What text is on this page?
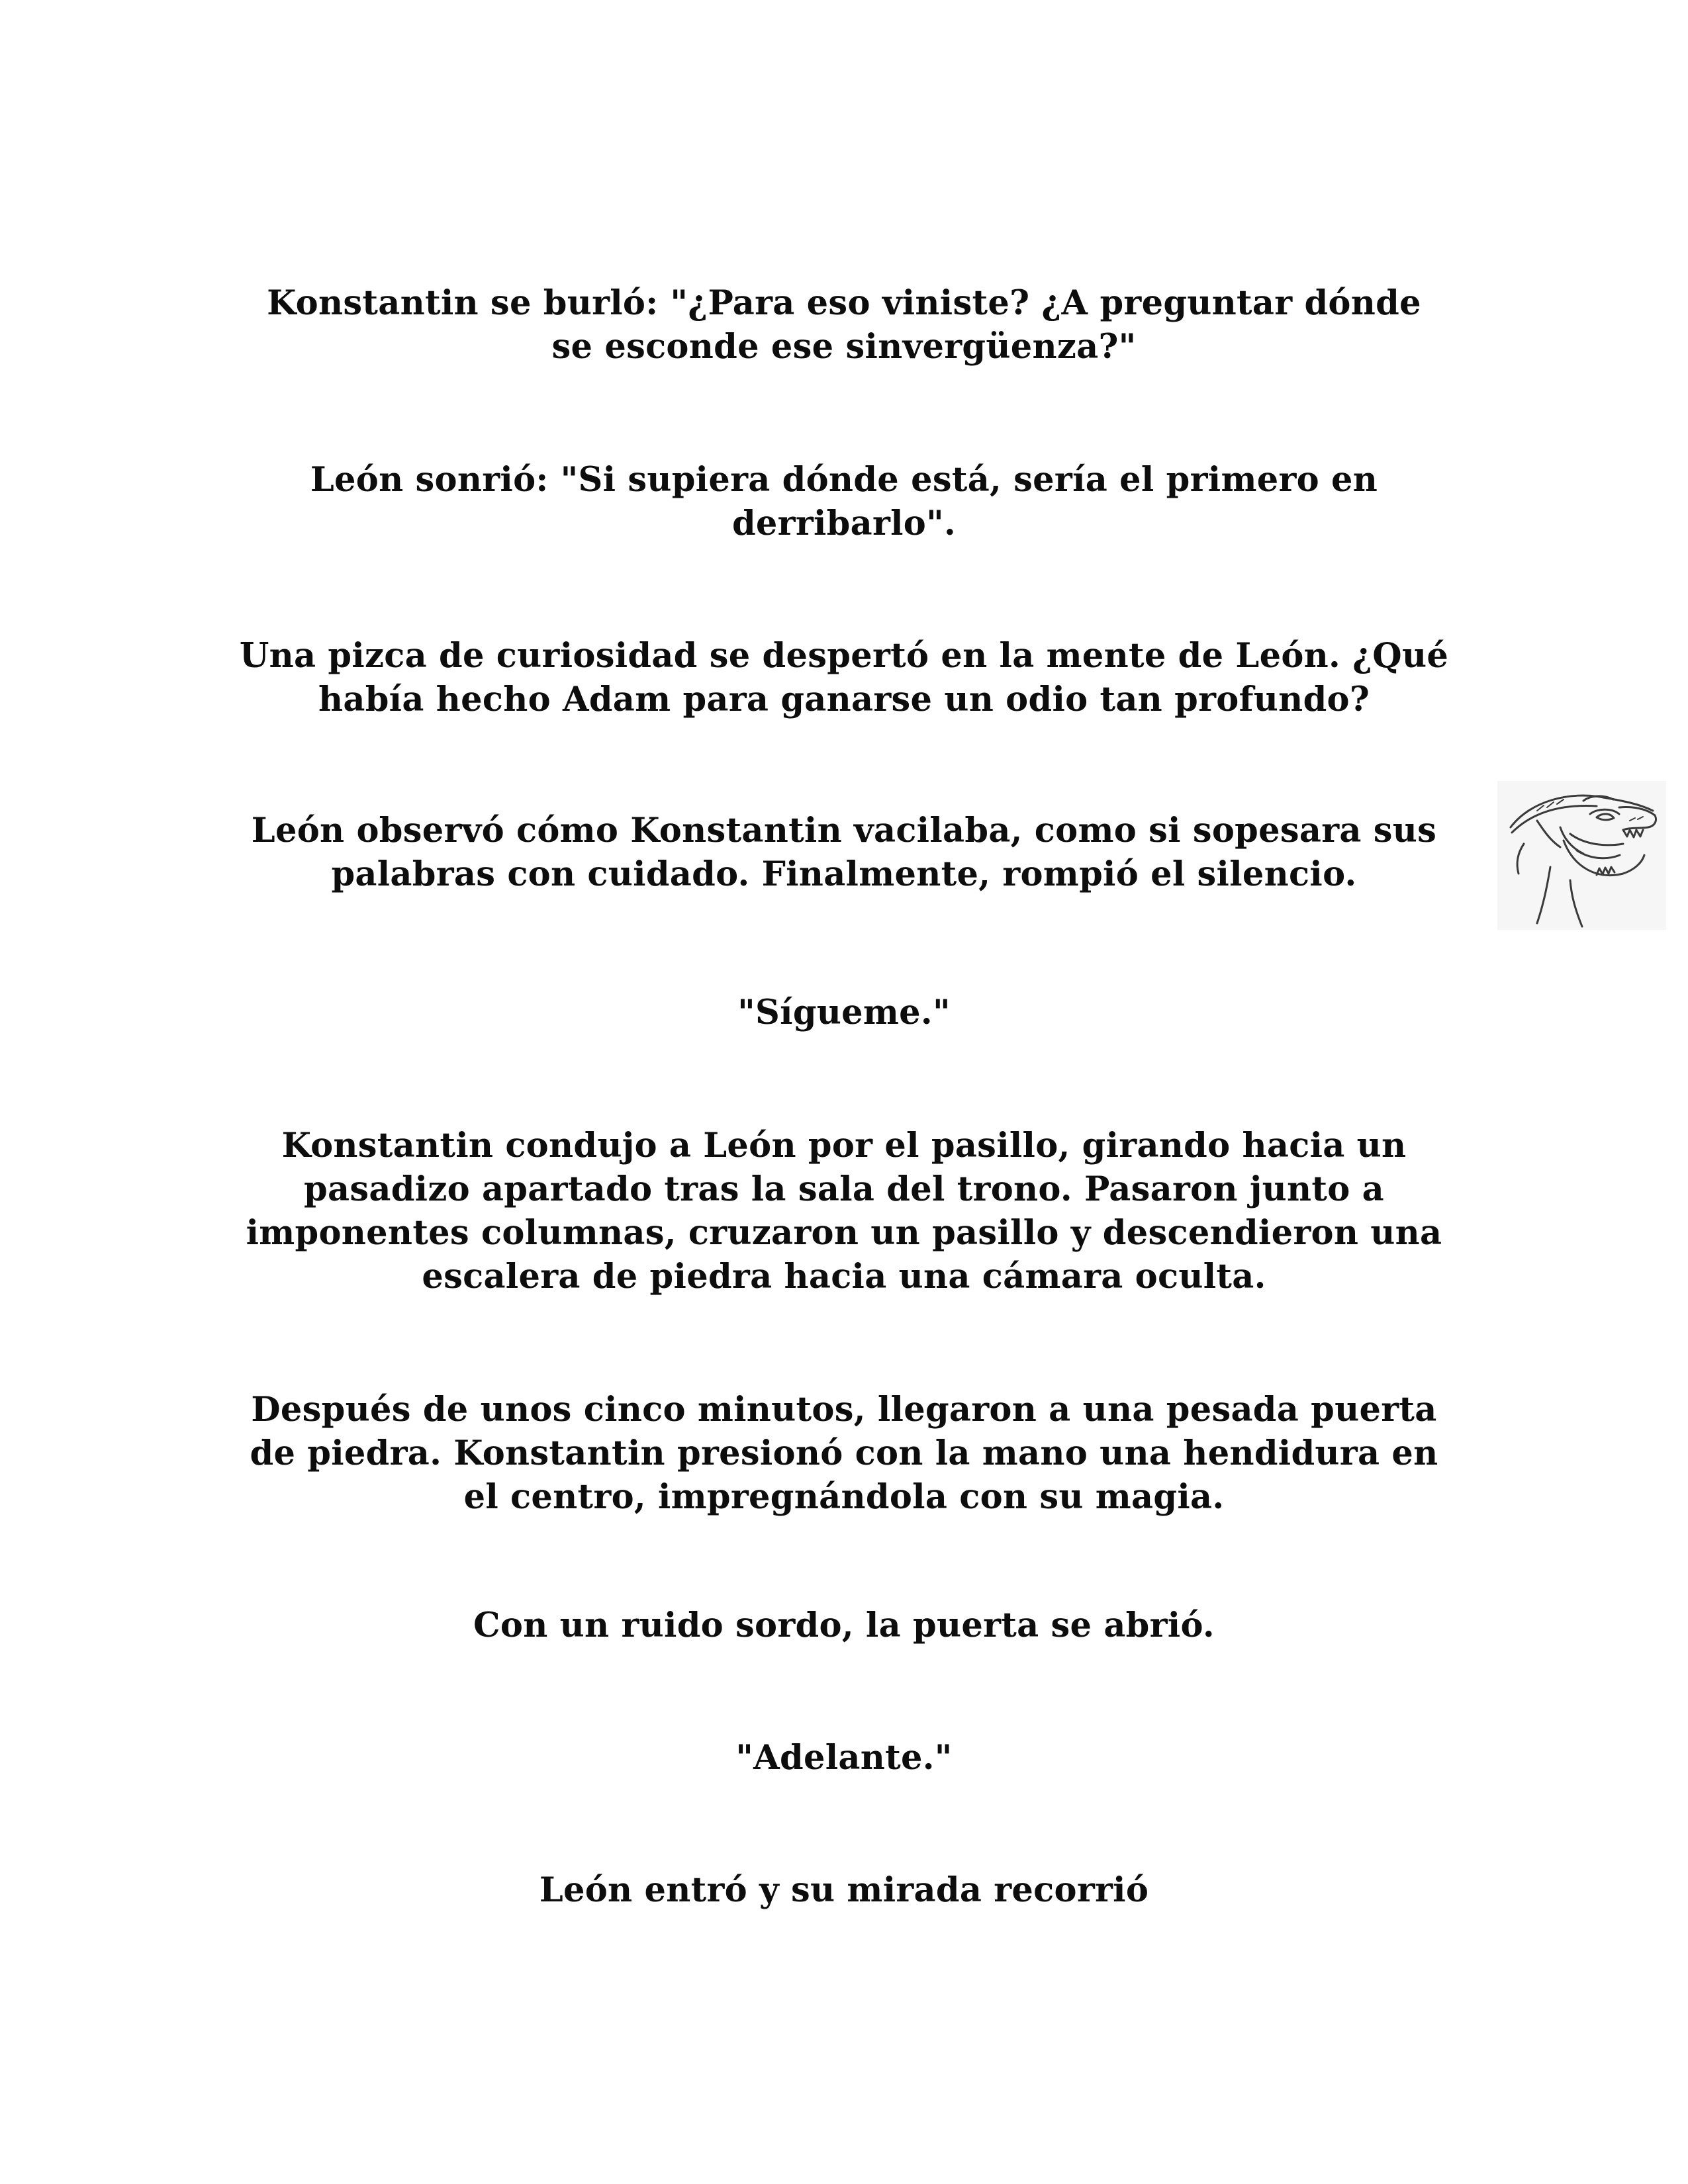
Konstantin se burló: "¿Para eso viniste? ¿A preguntar dónde
se esconde ese sinvergüenza?"

León sonrió: "Si supiera dónde está, sería el primero en
derribarlo".

Una pizca de curiosidad se despertó en la mente de León. ¿Qué
había hecho Adam para ganarse un odio tan profundo?

León observó cómo Konstantin vacilaba, como si sopesara sus
palabras con cuidado. Finalmente, rompió el silencio.

"Sígueme."

Konstantin condujo a León por el pasillo, girando hacia un
pasadizo apartado tras la sala del trono. Pasaron junto a
imponentes columnas, cruzaron un pasillo y descendieron una
escalera de piedra hacia una cámara oculta.

Después de unos cinco minutos, llegaron a una pesada puerta
de piedra. Konstantin presionó con la mano una hendidura en
el centro, impregnándola con su magia.

Con un ruido sordo, la puerta se abrió.

"Adelante."

León entró y su mirada recorrió
